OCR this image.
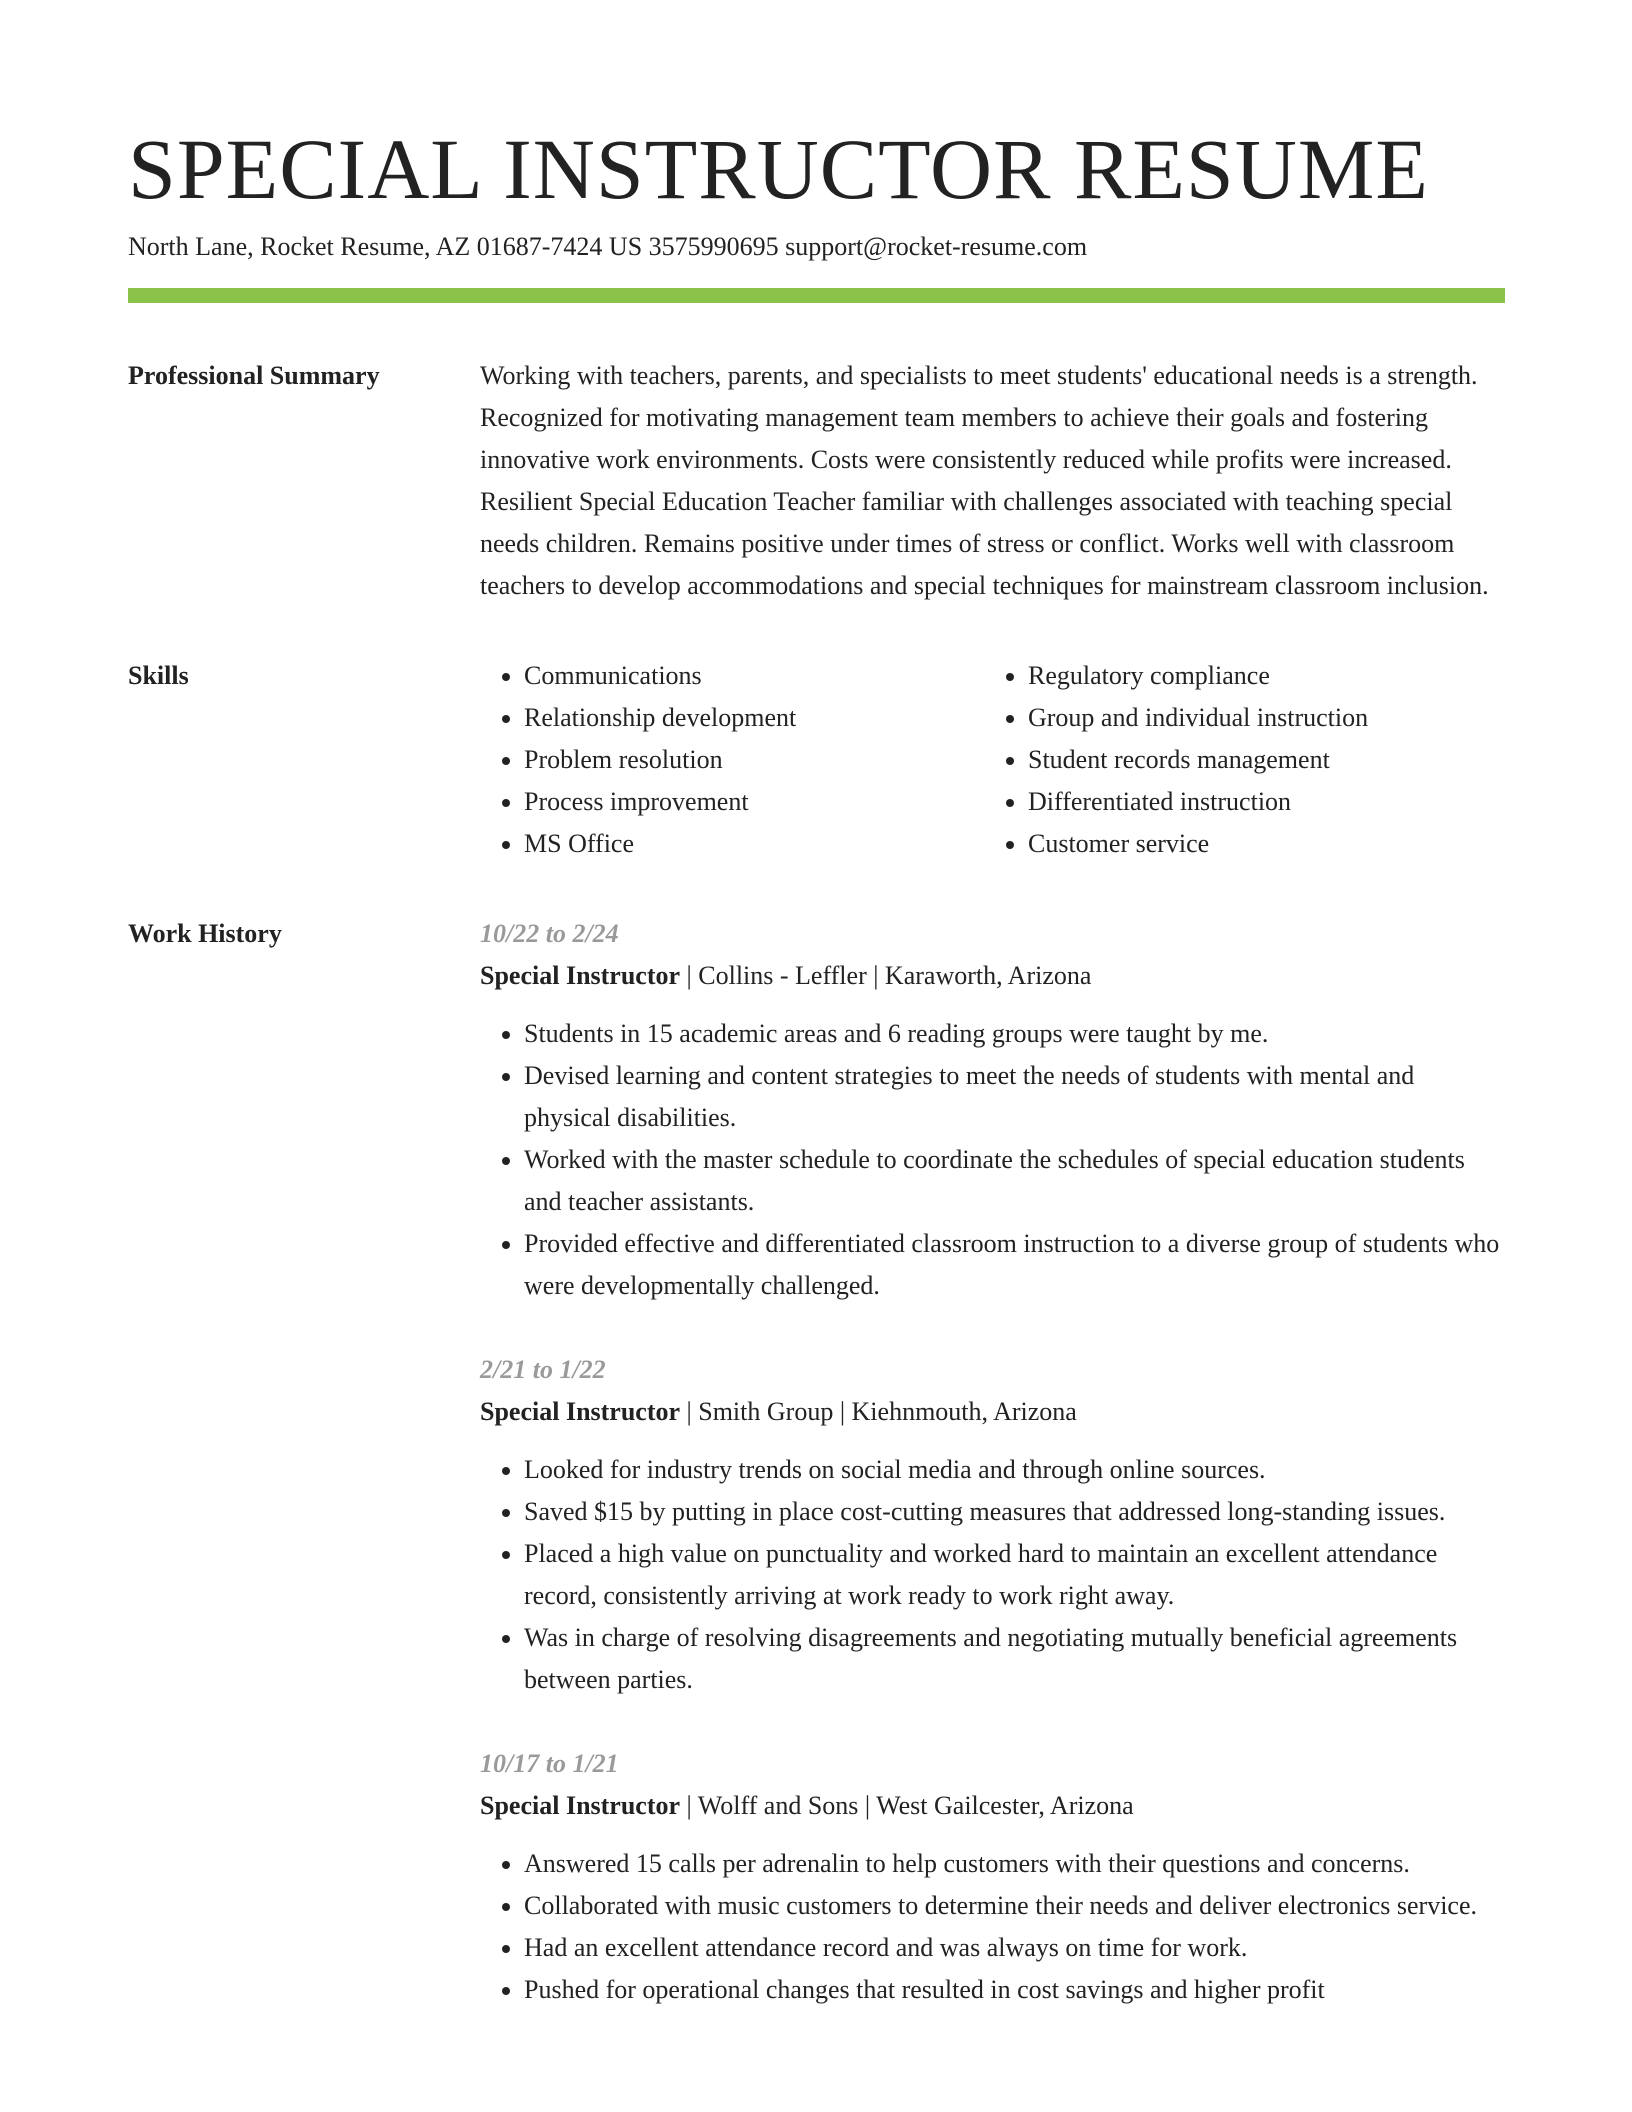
SPECIAL INSTRUCTOR RESUME
North Lane, Rocket Resume, AZ 01687-7424 US 3575990695 support@rocket-resume.com
Professional Summary	Working with teachers, parents, and specialists to meet students' educational needs is a strength. Recognized for motivating management team members to achieve their goals and fostering innovative work environments. Costs were consistently reduced while profits were increased. Resilient Special Education Teacher familiar with challenges associated with teaching special needs children. Remains positive under times of stress or conflict. Works well with classroom teachers to develop accommodations and special techniques for mainstream classroom inclusion.

Skills
•	Communications
• Relationship development
• Problem resolution
• Process improvement
• MS Office
• Regulatory compliance
• Group and individual instruction
• Student records management
• Differentiated instruction
• Customer service
Work History	10/22 to 2/24
Special Instructor | Collins - Leffler | Karaworth, Arizona
• Students in 15 academic areas and 6 reading groups were taught by me.
• Devised learning and content strategies to meet the needs of students with mental and physical disabilities.
• Worked with the master schedule to coordinate the schedules of special education students and teacher assistants.
• Provided effective and differentiated classroom instruction to a diverse group of students who were developmentally challenged.
2/21 to 1/22
Special Instructor | Smith Group | Kiehnmouth, Arizona
• Looked for industry trends on social media and through online sources.
• Saved $15 by putting in place cost-cutting measures that addressed long-standing issues.
• Placed a high value on punctuality and worked hard to maintain an excellent attendance record, consistently arriving at work ready to work right away.
• Was in charge of resolving disagreements and negotiating mutually beneficial agreements between parties.
10/17 to 1/21
Special Instructor | Wolff and Sons | West Gailcester, Arizona
• Answered 15 calls per adrenalin to help customers with their questions and concerns.
• Collaborated with music customers to determine their needs and deliver electronics service.
• Had an excellent attendance record and was always on time for work.
• Pushed for operational changes that resulted in cost savings and higher profit
